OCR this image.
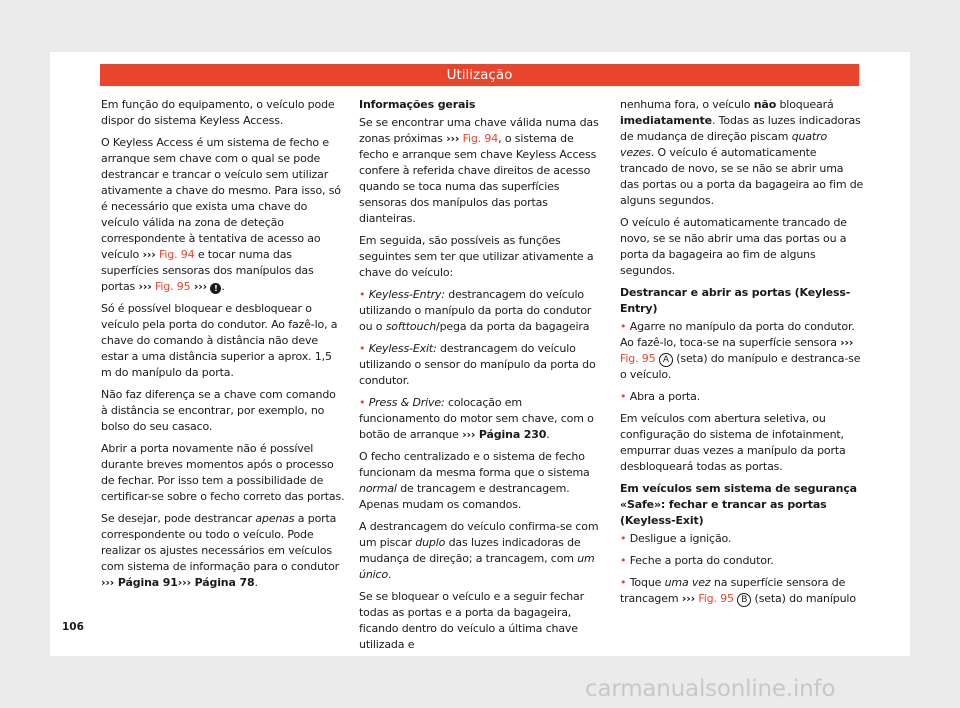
Utilização

Em função do equipamento, o veículo pode dispor do sistema Keyless Access.

O Keyless Access é um sistema de fecho e arranque sem chave com o qual se pode destrancar e trancar o veículo sem utilizar ativamente a chave do mesmo. Para isso, só é necessário que exista uma chave do veículo válida na zona de deteção correspondente à tentativa de acesso ao veículo ››› Fig. 94 e tocar numa das superfícies sensoras dos manípulos das portas ››› Fig. 95 ››› ! .

Só é possível bloquear e desbloquear o veículo pela porta do condutor. Ao fazê-lo, a chave do comando à distância não deve estar a uma distância superior a aprox. 1,5 m do manípulo da porta.

Não faz diferença se a chave com comando à distância se encontrar, por exemplo, no bolso do seu casaco.

Abrir a porta novamente não é possível durante breves momentos após o processo de fechar. Por isso tem a possibilidade de certificar-se sobre o fecho correto das portas.

Se desejar, pode destrancar apenas a porta correspondente ou todo o veículo. Pode realizar os ajustes necessários em veículos com sistema de informação para o condutor
››› Página 91››› Página 78.

Informações gerais

Se se encontrar uma chave válida numa das zonas próximas ››› Fig. 94, o sistema de fecho e arranque sem chave Keyless Access confere à referida chave direitos de acesso quando se toca numa das superfícies sensoras dos manípulos das portas dianteiras.

Em seguida, são possíveis as funções seguintes sem ter que utilizar ativamente a chave do veículo:

• Keyless-Entry: destrancagem do veículo utilizando o manípulo da porta do condutor ou o softtouch/pega da porta da bagageira

• Keyless-Exit: destrancagem do veículo utilizando o sensor do manípulo da porta do condutor.

• Press & Drive: colocação em funcionamento do motor sem chave, com o botão de arranque ››› Página 230.

O fecho centralizado e o sistema de fecho funcionam da mesma forma que o sistema normal de trancagem e destrancagem. Apenas mudam os comandos.

A destrancagem do veículo confirma-se com um piscar duplo das luzes indicadoras de mudança de direção; a trancagem, com um único.

Se se bloquear o veículo e a seguir fechar todas as portas e a porta da bagageira, ficando dentro do veículo a última chave utilizada e

nenhuma fora, o veículo não bloqueará imediatamente. Todas as luzes indicadoras de mudança de direção piscam quatro vezes. O veículo é automaticamente trancado de novo, se se não se abrir uma das portas ou a porta da bagageira ao fim de alguns segundos.

O veículo é automaticamente trancado de novo, se se não abrir uma das portas ou a porta da bagageira ao fim de alguns segundos.

Destrancar e abrir as portas (Keyless-Entry)

• Agarre no manípulo da porta do condutor. Ao fazê-lo, toca-se na superfície sensora ››› Fig. 95 A (seta) do manípulo e destranca-se o veículo.

• Abra a porta.

Em veículos com abertura seletiva, ou configuração do sistema de infotainment, empurrar duas vezes a manípulo da porta desbloqueará todas as portas.

Em veículos sem sistema de segurança «Safe»: fechar e trancar as portas (Keyless-Exit)

• Desligue a ignição.

• Feche a porta do condutor.

• Toque uma vez na superfície sensora de trancagem ››› Fig. 95 B (seta) do manípulo

106
carmanualsonline.info
